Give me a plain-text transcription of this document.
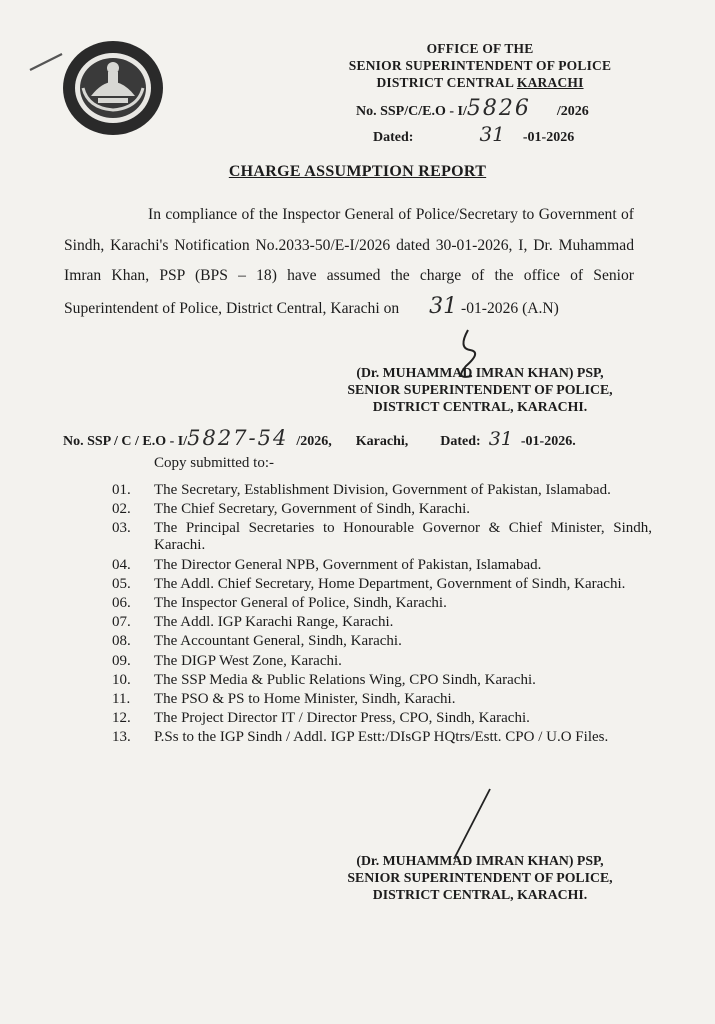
OFFICE OF THE
SENIOR SUPERINTENDENT OF POLICE
DISTRICT CENTRAL KARACHI
No. SSP/C/E.O - I/5826 /2026
Dated:	31 -01-2026
CHARGE ASSUMPTION REPORT
In compliance of the Inspector General of Police/Secretary to Government of Sindh, Karachi's Notification No.2033-50/E-I/2026 dated 30-01-2026, I, Dr. Muhammad Imran Khan, PSP (BPS – 18) have assumed the charge of the office of Senior Superintendent of Police, District Central, Karachi on 31 -01-2026 (A.N)
(Dr. MUHAMMAD IMRAN KHAN) PSP,
SENIOR SUPERINTENDENT OF POLICE,
DISTRICT CENTRAL, KARACHI.
No. SSP / C / E.O - I/5827-54 /2026, Karachi, Dated: 31 -01-2026.
Copy submitted to:-
01.	The Secretary, Establishment Division, Government of Pakistan, Islamabad.
02.	The Chief Secretary, Government of Sindh, Karachi.
03.	The Principal Secretaries to Honourable Governor & Chief Minister, Sindh, Karachi.
04.	The Director General NPB, Government of Pakistan, Islamabad.
05.	The Addl. Chief Secretary, Home Department, Government of Sindh, Karachi.
06.	The Inspector General of Police, Sindh, Karachi.
07.	The Addl. IGP Karachi Range, Karachi.
08.	The Accountant General, Sindh, Karachi.
09.	The DIGP West Zone, Karachi.
10.	The SSP Media & Public Relations Wing, CPO Sindh, Karachi.
11.	The PSO & PS to Home Minister, Sindh, Karachi.
12.	The Project Director IT / Director Press, CPO, Sindh, Karachi.
13.	P.Ss to the IGP Sindh / Addl. IGP Estt:/DIsGP HQtrs/Estt. CPO / U.O Files.
(Dr. MUHAMMAD IMRAN KHAN) PSP,
SENIOR SUPERINTENDENT OF POLICE,
DISTRICT CENTRAL, KARACHI.
